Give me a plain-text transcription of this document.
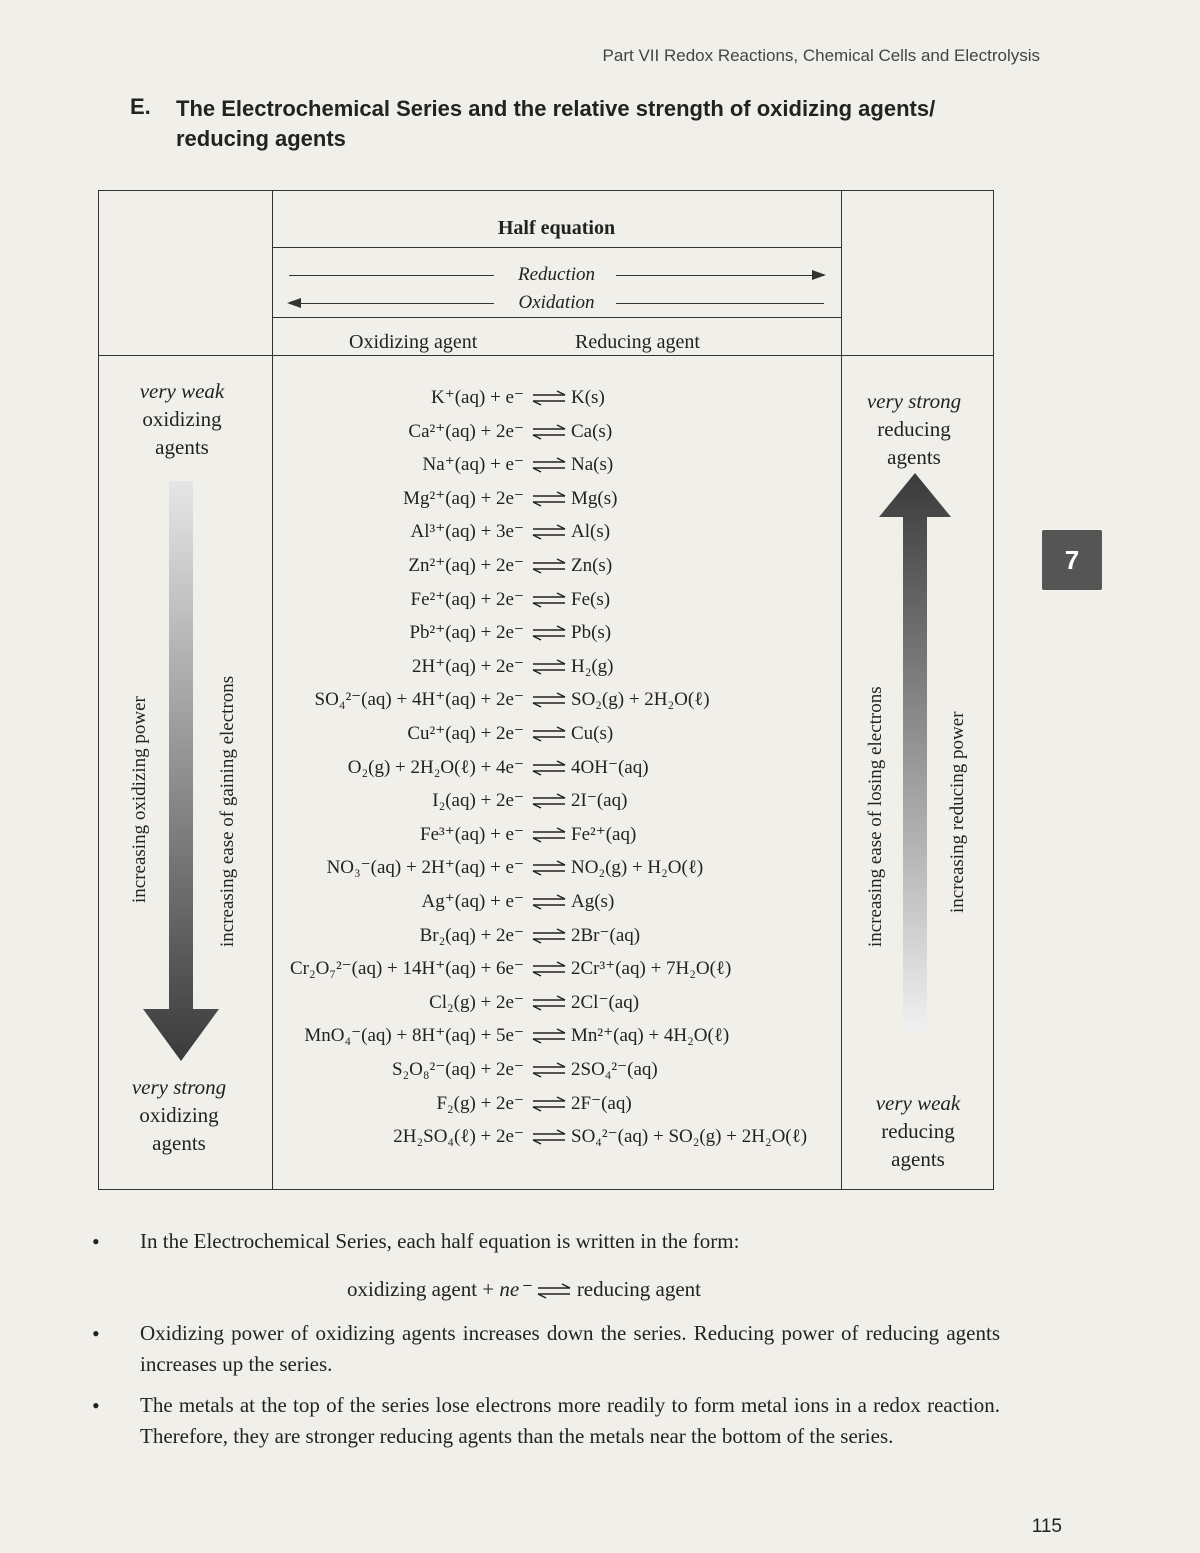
Part VII Redox Reactions, Chemical Cells and Electrolysis
E. The Electrochemical Series and the relative strength of oxidizing agents/ reducing agents
7
Half equation
Reduction
Oxidation
Oxidizing agent	Reducing agent
very weak
oxidizing
agents
very strong
oxidizing
agents
very strong
reducing
agents
very weak
reducing
agents
increasing oxidizing power	increasing ease of gaining electrons	increasing ease of losing electrons	increasing reducing power
K⁺(aq) + e⁻ K(s)
Ca²⁺(aq) + 2e⁻ Ca(s)
Na⁺(aq) + e⁻ Na(s)
Mg²⁺(aq) + 2e⁻ Mg(s)
Al³⁺(aq) + 3e⁻ Al(s)
Zn²⁺(aq) + 2e⁻ Zn(s)
Fe²⁺(aq) + 2e⁻ Fe(s)
Pb²⁺(aq) + 2e⁻ Pb(s)
2H⁺(aq) + 2e⁻ H₂(g)
SO₄²⁻(aq) + 4H⁺(aq) + 2e⁻ SO₂(g) + 2H₂O(ℓ)
Cu²⁺(aq) + 2e⁻ Cu(s)
O₂(g) + 2H₂O(ℓ) + 4e⁻ 4OH⁻(aq)
I₂(aq) + 2e⁻ 2I⁻(aq)
Fe³⁺(aq) + e⁻ Fe²⁺(aq)
NO₃⁻(aq) + 2H⁺(aq) + e⁻ NO₂(g) + H₂O(ℓ)
Ag⁺(aq) + e⁻ Ag(s)
Br₂(aq) + 2e⁻ 2Br⁻(aq)
Cr₂O₇²⁻(aq) + 14H⁺(aq) + 6e⁻ 2Cr³⁺(aq) + 7H₂O(ℓ)
Cl₂(g) + 2e⁻ 2Cl⁻(aq)
MnO₄⁻(aq) + 8H⁺(aq) + 5e⁻ Mn²⁺(aq) + 4H₂O(ℓ)
S₂O₈²⁻(aq) + 2e⁻ 2SO₄²⁻(aq)
F₂(g) + 2e⁻ 2F⁻(aq)
2H₂SO₄(ℓ) + 2e⁻ SO₄²⁻(aq) + SO₂(g) + 2H₂O(ℓ)
• In the Electrochemical Series, each half equation is written in the form:
oxidizing agent + ne⁻  reducing agent
• Oxidizing power of oxidizing agents increases down the series. Reducing power of reducing agents increases up the series.
• The metals at the top of the series lose electrons more readily to form metal ions in a redox reaction. Therefore, they are stronger reducing agents than the metals near the bottom of the series.
115
